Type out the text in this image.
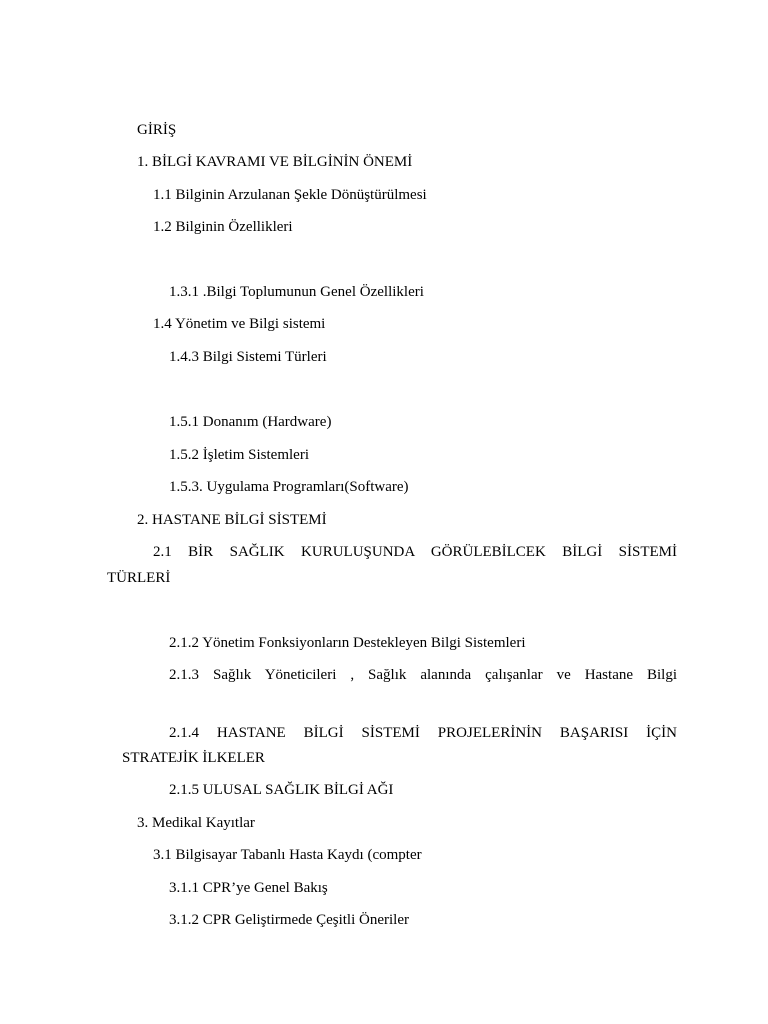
GİRİŞ
1. BİLGİ KAVRAMI VE BİLGİNİN ÖNEMİ
1.1 Bilginin Arzulanan Şekle Dönüştürülmesi
1.2 Bilginin Özellikleri
1.3.1 .Bilgi Toplumunun Genel Özellikleri
1.4 Yönetim ve Bilgi sistemi
1.4.3 Bilgi Sistemi Türleri
1.5.1 Donanım (Hardware)
1.5.2 İşletim Sistemleri
1.5.3. Uygulama Programları(Software)
2. HASTANE BİLGİ SİSTEMİ
2.1 BİR SAĞLIK KURULUŞUNDA GÖRÜLEBİLCEK BİLGİ SİSTEMİ
TÜRLERİ
2.1.2 Yönetim Fonksiyonların Destekleyen Bilgi Sistemleri
2.1.3 Sağlık Yöneticileri , Sağlık alanında çalışanlar ve Hastane Bilgi
2.1.4 HASTANE BİLGİ SİSTEMİ PROJELERİNİN BAŞARISI İÇİN
STRATEJİK İLKELER
2.1.5 ULUSAL SAĞLIK BİLGİ AĞI
3. Medikal Kayıtlar
3.1 Bilgisayar Tabanlı Hasta Kaydı (compter
3.1.1 CPR’ye Genel Bakış
3.1.2 CPR Geliştirmede Çeşitli Öneriler
